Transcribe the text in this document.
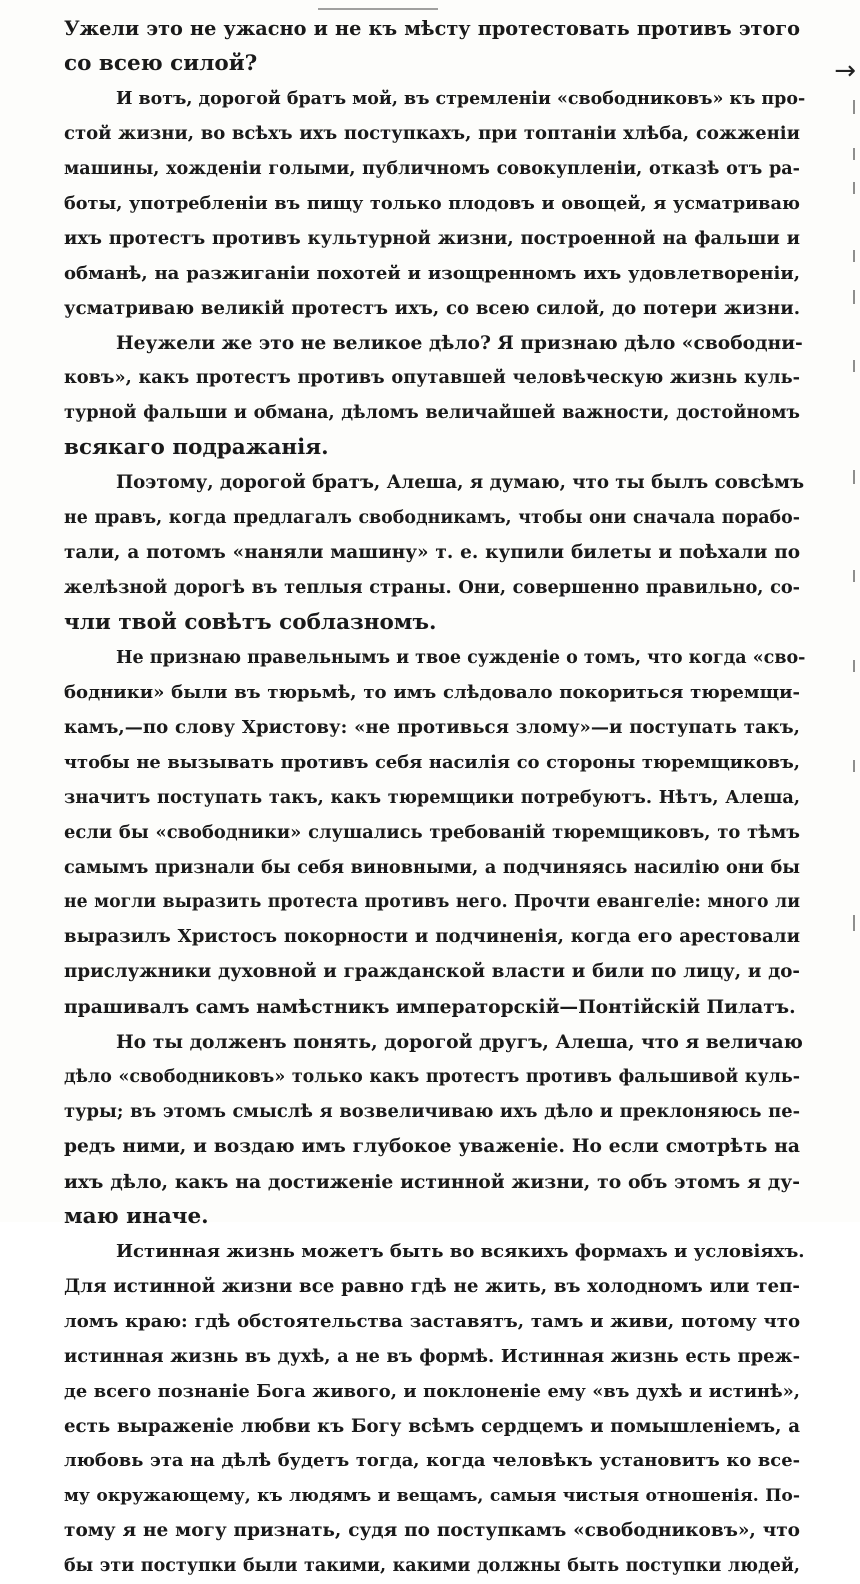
→
Ужели это не ужасно и не къ мѣсту протестовать противъ этого
со всею силой?
И вотъ, дорогой братъ мой, въ стремленіи «свободниковъ» къ про-
стой жизни, во всѣхъ ихъ поступкахъ, при топтаніи хлѣба, сожженіи
машины, хожденіи голыми, публичномъ совокупленіи, отказѣ отъ ра-
боты, употребленіи въ пищу только плодовъ и овощей, я усматриваю
ихъ протестъ противъ культурной жизни, построенной на фальши и
обманѣ, на разжиганіи похотей и изощренномъ ихъ удовлетвореніи,
усматриваю великій протестъ ихъ, со всею силой, до потери жизни.
Неужели же это не великое дѣло? Я признаю дѣло «свободни-
ковъ», какъ протестъ противъ опутавшей человѣческую жизнь куль-
турной фальши и обмана, дѣломъ величайшей важности, достойномъ
всякаго подражанія.
Поэтому, дорогой братъ, Алеша, я думаю, что ты былъ совсѣмъ
не правъ, когда предлагалъ свободникамъ, чтобы они сначала порабо-
тали, а потомъ «наняли машину» т. е. купили билеты и поѣхали по
желѣзной дорогѣ въ теплыя страны. Они, совершенно правильно, со-
чли твой совѣтъ соблазномъ.
Не признаю правельнымъ и твое сужденіе о томъ, что когда «сво-
бодники» были въ тюрьмѣ, то имъ слѣдовало покориться тюремщи-
камъ,—по слову Христову: «не противься злому»—и поступать такъ,
чтобы не вызывать противъ себя насилія со стороны тюремщиковъ,
значитъ поступать такъ, какъ тюремщики потребуютъ. Нѣтъ, Алеша,
если бы «свободники» слушались требованій тюремщиковъ, то тѣмъ
самымъ признали бы себя виновными, а подчиняясь насилію они бы
не могли выразить протеста противъ него. Прочти евангеліе: много ли
выразилъ Христосъ покорности и подчиненія, когда его арестовали
прислужники духовной и гражданской власти и били по лицу, и до-
прашивалъ самъ намѣстникъ императорскій—Понтійскій Пилатъ.
Но ты долженъ понять, дорогой другъ, Алеша, что я величаю
дѣло «свободниковъ» только какъ протестъ противъ фальшивой куль-
туры; въ этомъ смыслѣ я возвеличиваю ихъ дѣло и преклоняюсь пе-
редъ ними, и воздаю имъ глубокое уваженіе. Но если смотрѣть на
ихъ дѣло, какъ на достиженіе истинной жизни, то объ этомъ я ду-
маю иначе.
Истинная жизнь можетъ быть во всякихъ формахъ и условіяхъ.
Для истинной жизни все равно гдѣ не жить, въ холодномъ или теп-
ломъ краю: гдѣ обстоятельства заставятъ, тамъ и живи, потому что
истинная жизнь въ духѣ, а не въ формѣ. Истинная жизнь есть преж-
де всего познаніе Бога живого, и поклоненіе ему «въ духѣ и истинѣ»,
есть выраженіе любви къ Богу всѣмъ сердцемъ и помышленіемъ, а
любовь эта на дѣлѣ будетъ тогда, когда человѣкъ установитъ ко все-
му окружающему, къ людямъ и вещамъ, самыя чистыя отношенія. По-
тому я не могу признать, судя по поступкамъ «свободниковъ», что
бы эти поступки были такими, какими должны быть поступки людей,
